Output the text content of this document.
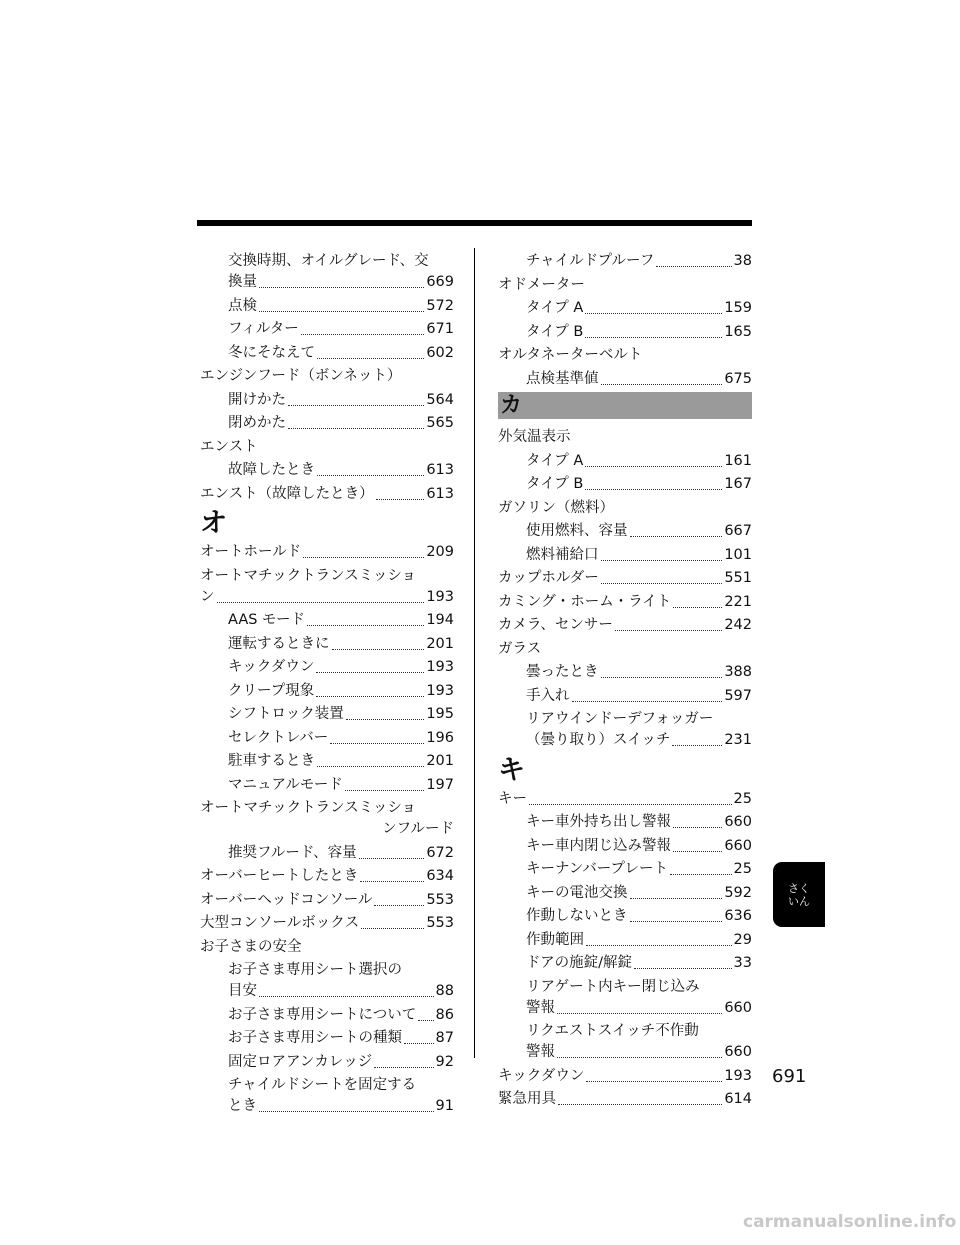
交換時期、オイルグレード、交
換量	669
点検	572
フィルター	671
冬にそなえて	602
エンジンフード（ボンネット）
開けかた	564
閉めかた	565
エンスト
故障したとき	613
エンスト（故障したとき）	613
オ
オートホールド	209
オートマチックトランスミッショ
ン	193
AAS モード	194
運転するときに	201
キックダウン	193
クリープ現象	193
シフトロック装置	195
セレクトレバー	196
駐車するとき	201
マニュアルモード	197
オートマチックトランスミッショ
ンフルード
推奨フルード、容量	672
オーバーヒートしたとき	634
オーバーヘッドコンソール	553
大型コンソールボックス	553
お子さまの安全
お子さま専用シート選択の
目安	88
お子さま専用シートについて 86
お子さま専用シートの種類 87
固定ロアアンカレッジ	92
チャイルドシートを固定する
とき	91
チャイルドプルーフ	38
オドメーター
タイプ A	159
タイプ B	165
オルタネーターベルト
点検基準値	675
カ
外気温表示
タイプ A	161
タイプ B	167
ガソリン（燃料）
使用燃料、容量	667
燃料補給口	101
カップホルダー	551
カミング・ホーム・ライト	221
カメラ、センサー	242
ガラス
曇ったとき	388
手入れ	597
リアウインドーデフォッガー
（曇り取り）スイッチ	231
キ
キー	25
キー車外持ち出し警報	660
キー車内閉じ込み警報	660
キーナンバープレート	25
キーの電池交換	592
作動しないとき	636
作動範囲	29
ドアの施錠/解錠	33
リアゲート内キー閉じ込み
警報	660
リクエストスイッチ不作動
警報	660
キックダウン	193
緊急用具	614
さく
いん
691
carmanualsonline.info
